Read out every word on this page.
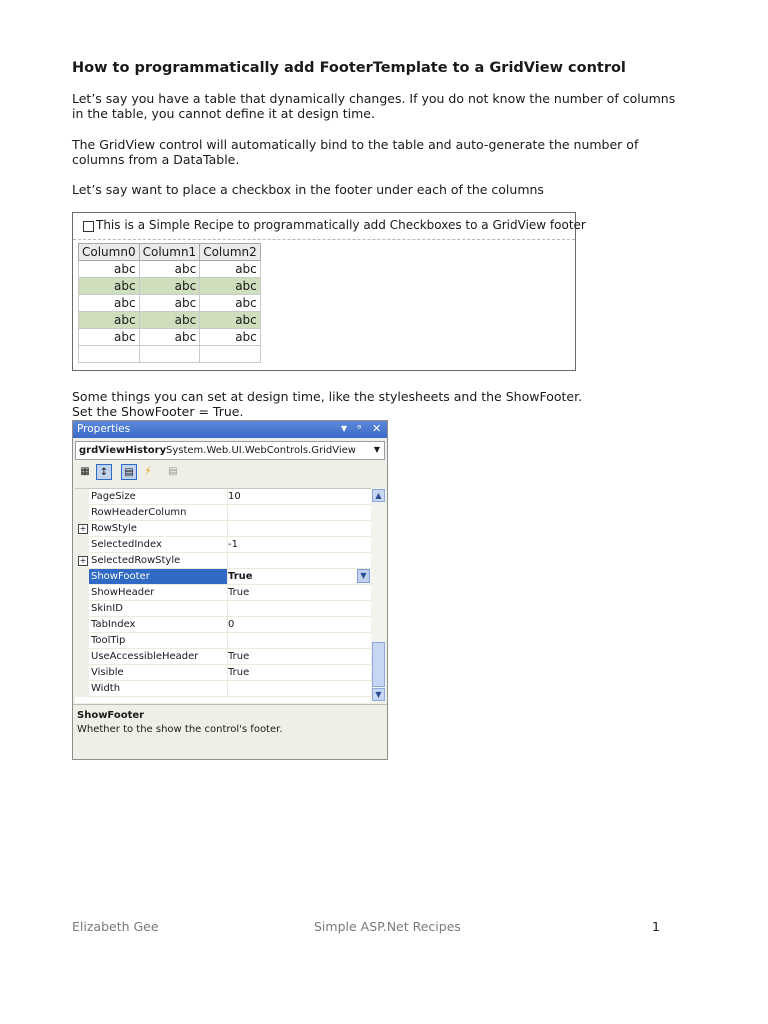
How to programmatically add FooterTemplate to a GridView control
Let’s say you have a table that dynamically changes. If you do not know the number of columns
in the table, you cannot define it at design time.
The GridView control will automatically bind to the table and auto-generate the number of
columns from a DataTable.
Let’s say want to place a checkbox in the footer under each of the columns
This is a Simple Recipe to programmatically add Checkboxes to a GridView footer
Column0	Column1	Column2
abc	abc	abc
abc	abc	abc
abc	abc	abc
abc	abc	abc
abc	abc	abc

Some things you can set at design time, like the stylesheets and the ShowFooter.
Set the ShowFooter = True.
Properties	▼ ᵊ ✕
grdViewHistory System.Web.UI.WebControls.GridView ▼
▦	↕	▤	⚡	▤
PageSize	10
RowHeaderColumn
+ RowStyle
SelectedIndex	-1
+ SelectedRowStyle
ShowFooter	True	▼
ShowHeader	True
SkinID
TabIndex	0
ToolTip
UseAccessibleHeader	True
Visible	True
Width
▲
▼
ShowFooter
Whether to the show the control's footer.
Elizabeth Gee	Simple ASP.Net Recipes	1
